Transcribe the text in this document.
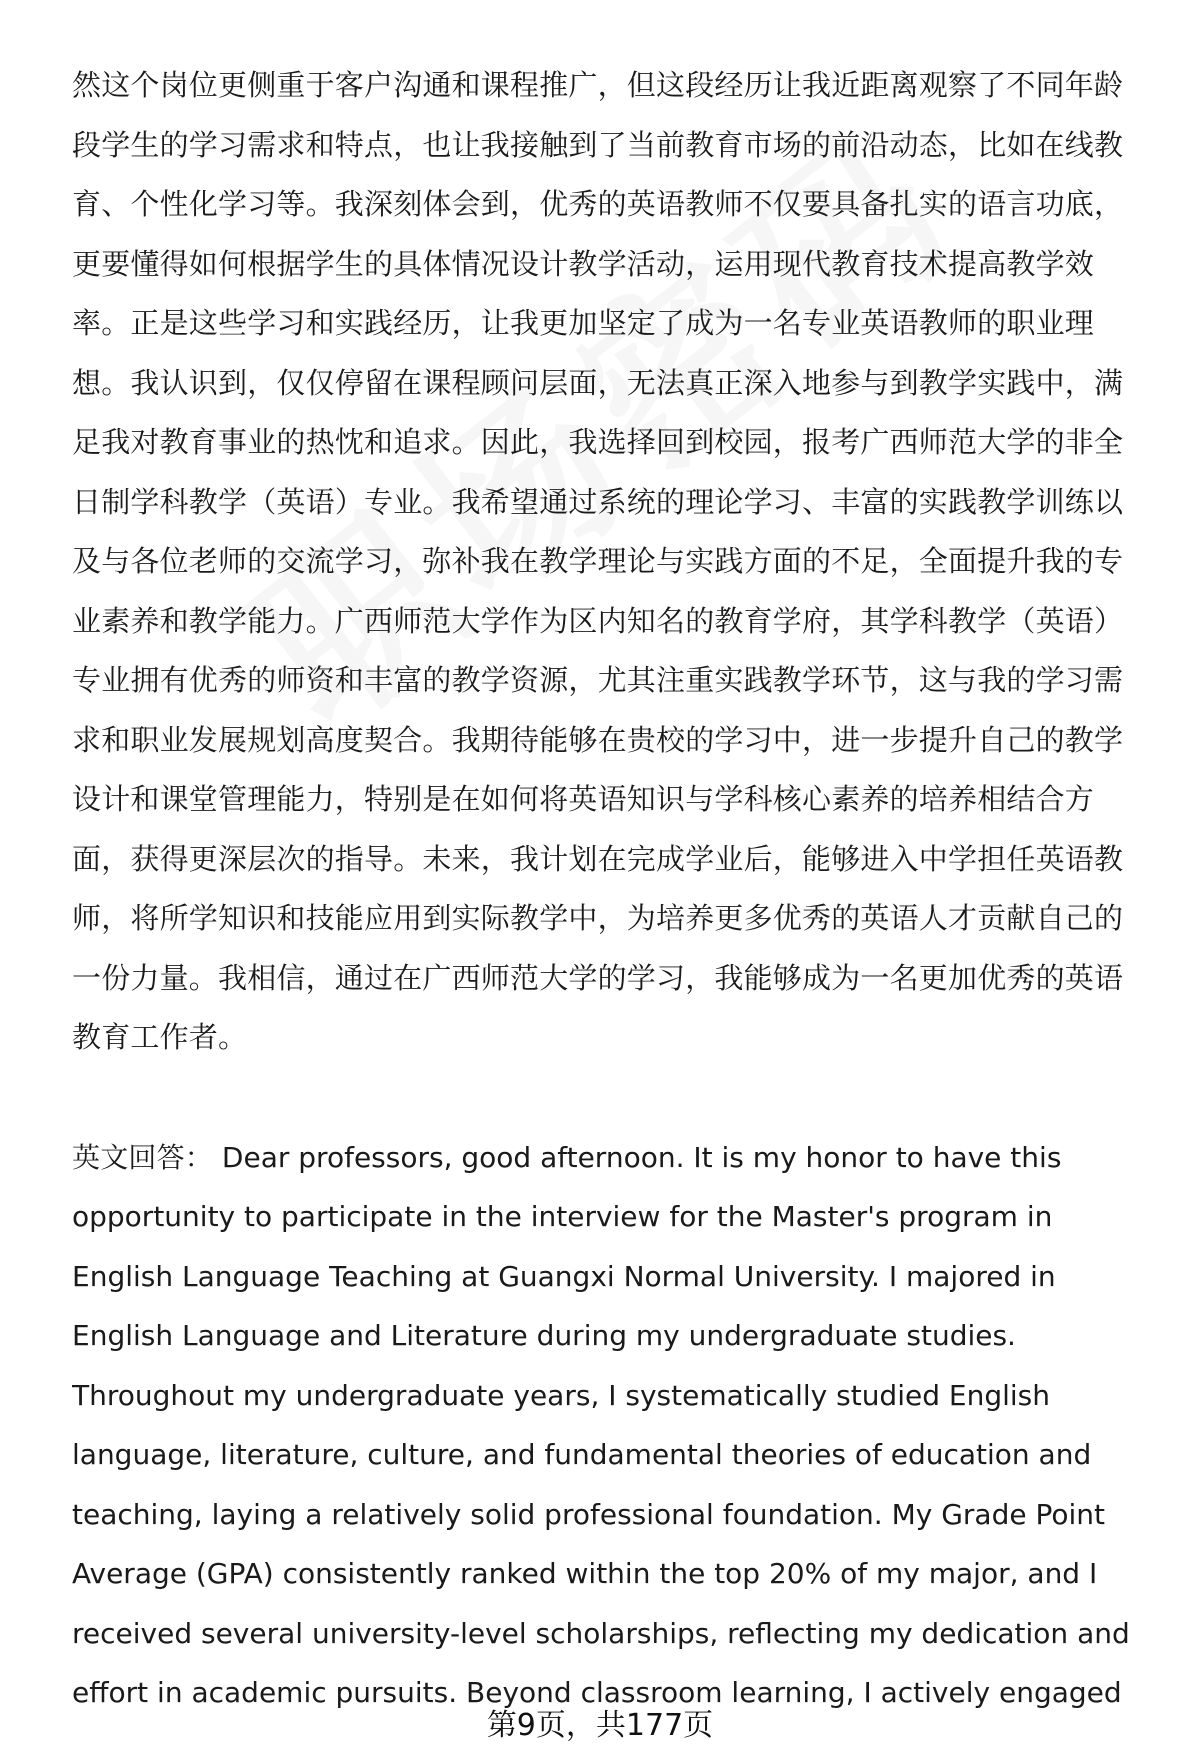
然这个岗位更侧重于客户沟通和课程推广，但这段经历让我近距离观察了不同年龄
段学生的学习需求和特点，也让我接触到了当前教育市场的前沿动态，比如在线教
育、个性化学习等。我深刻体会到，优秀的英语教师不仅要具备扎实的语言功底，
更要懂得如何根据学生的具体情况设计教学活动，运用现代教育技术提高教学效
率。正是这些学习和实践经历，让我更加坚定了成为一名专业英语教师的职业理
想。我认识到，仅仅停留在课程顾问层面，无法真正深入地参与到教学实践中，满
足我对教育事业的热忱和追求。因此，我选择回到校园，报考广西师范大学的非全
日制学科教学（英语）专业。我希望通过系统的理论学习、丰富的实践教学训练以
及与各位老师的交流学习，弥补我在教学理论与实践方面的不足，全面提升我的专
业素养和教学能力。广西师范大学作为区内知名的教育学府，其学科教学（英语）
专业拥有优秀的师资和丰富的教学资源，尤其注重实践教学环节，这与我的学习需
求和职业发展规划高度契合。我期待能够在贵校的学习中，进一步提升自己的教学
设计和课堂管理能力，特别是在如何将英语知识与学科核心素养的培养相结合方
面，获得更深层次的指导。未来，我计划在完成学业后，能够进入中学担任英语教
师，将所学知识和技能应用到实际教学中，为培养更多优秀的英语人才贡献自己的
一份力量。我相信，通过在广西师范大学的学习，我能够成为一名更加优秀的英语
教育工作者。
英文回答： Dear professors, good afternoon. It is my honor to have this
opportunity to participate in the interview for the Master's program in
English Language Teaching at Guangxi Normal University. I majored in
English Language and Literature during my undergraduate studies.
Throughout my undergraduate years, I systematically studied English
language, literature, culture, and fundamental theories of education and
teaching, laying a relatively solid professional foundation. My Grade Point
Average (GPA) consistently ranked within the top 20% of my major, and I
received several university-level scholarships, reflecting my dedication and
effort in academic pursuits. Beyond classroom learning, I actively engaged
第9页，共177页
